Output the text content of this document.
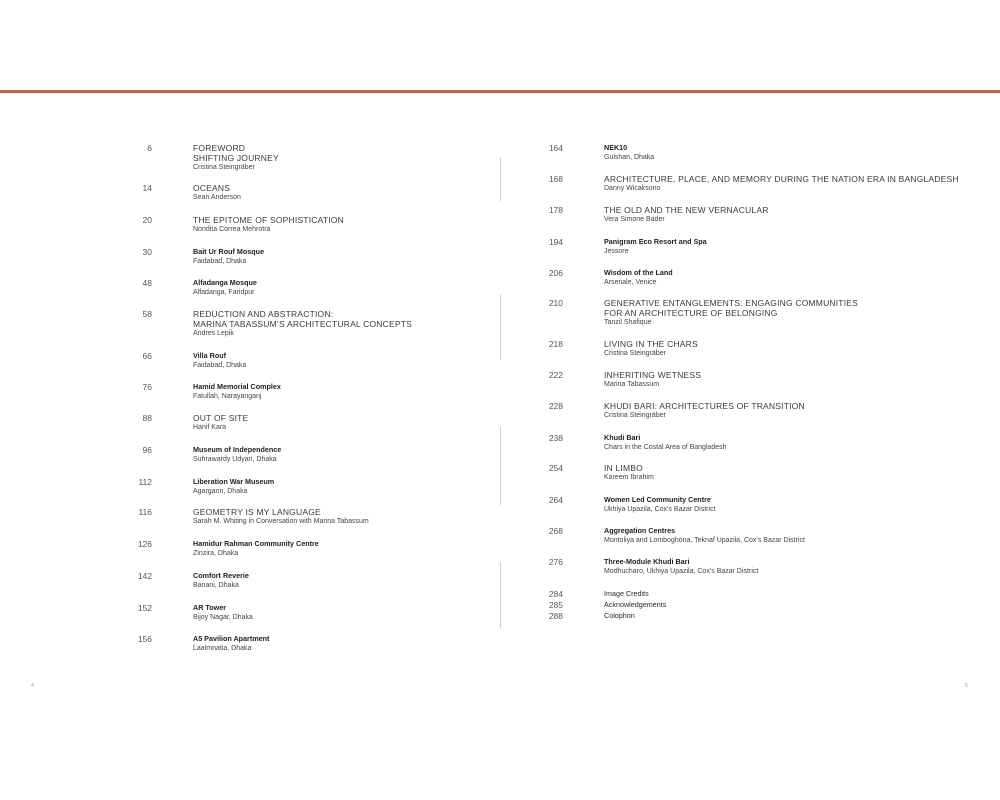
6	FOREWORD
SHIFTING JOURNEY
Cristina Steingräber
14	OCEANS
Sean Anderson
20	THE EPITOME OF SOPHISTICATION
Nondita Correa Mehrotra
30	Bait Ur Rouf Mosque
Faidabad, Dhaka
48	Alfadanga Mosque
Alfadanga, Faridpur
58	REDUCTION AND ABSTRACTION:
MARINA TABASSUM’S ARCHITECTURAL CONCEPTS
Andres Lepik
66	Villa Rouf
Faidabad, Dhaka
76	Hamid Memorial Complex
Fatullah, Narayanganj
88	OUT OF SITE
Hanif Kara
96	Museum of Independence
Suhrawardy Udyan, Dhaka
112	Liberation War Museum
Agargaon, Dhaka
116	GEOMETRY IS MY LANGUAGE
Sarah M. Whiting in Conversation with Marina Tabassum
126	Hamidur Rahman Community Centre
Zinzira, Dhaka
142	Comfort Reverie
Banani, Dhaka
152	AR Tower
Bijoy Nagar, Dhaka
156	A5 Pavilion Apartment
Laalmnatia, Dhaka
164	NEK10
Gulshan, Dhaka
168	ARCHITECTURE, PLACE, AND MEMORY DURING THE NATION ERA IN BANGLADESH
Danny Wicaksono
178	THE OLD AND THE NEW VERNACULAR
Vera Simone Bader
194	Panigram Eco Resort and Spa
Jessore
206	Wisdom of the Land
Arsenale, Venice
210	GENERATIVE ENTANGLEMENTS: ENGAGING COMMUNITIES
FOR AN ARCHITECTURE OF BELONGING
Tanzil Shafique
218	LIVING IN THE CHARS
Cristina Steingräber
222	INHERITING WETNESS
Marina Tabassum
228	KHUDI BARI: ARCHITECTURES OF TRANSITION
Cristina Steingräber
238	Khudi Bari
Chars in the Costal Area of Bangladesh
254	IN LIMBO
Kareem Ibrahim
264	Women Led Community Centre
Ukhiya Upazila, Cox’s Bazar District
268	Aggregation Centres
Montoliya and Lomboghona, Teknaf Upazila, Cox’s Bazar District
276	Three-Module Khudi Bari
Modhucharo, Ukhiya Upazila, Cox’s Bazar District
284	Image Credits
285	Acknowledgements
288	Colophon
4	5
